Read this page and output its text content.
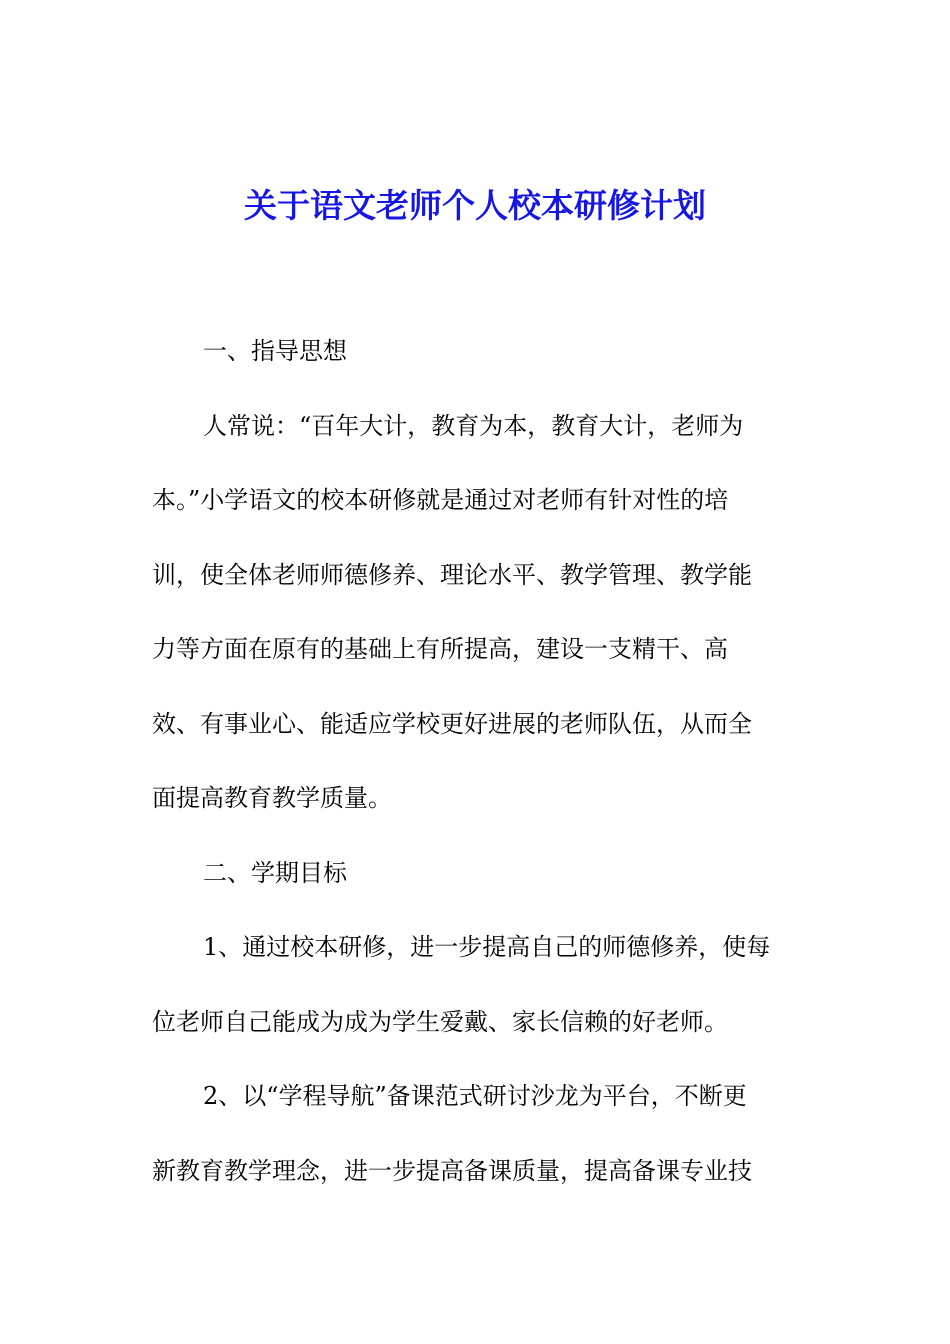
关于语文老师个人校本研修计划

一、指导思想

人常说：“百年大计，教育为本，教育大计，老师为

本。”小学语文的校本研修就是通过对老师有针对性的培

训，使全体老师师德修养、理论水平、教学管理、教学能

力等方面在原有的基础上有所提高，建设一支精干、高

效、有事业心、能适应学校更好进展的老师队伍，从而全

面提高教育教学质量。

二、学期目标

1、通过校本研修，进一步提高自己的师德修养，使每

位老师自己能成为成为学生爱戴、家长信赖的好老师。

2、以“学程导航”备课范式研讨沙龙为平台，不断更

新教育教学理念，进一步提高备课质量，提高备课专业技
